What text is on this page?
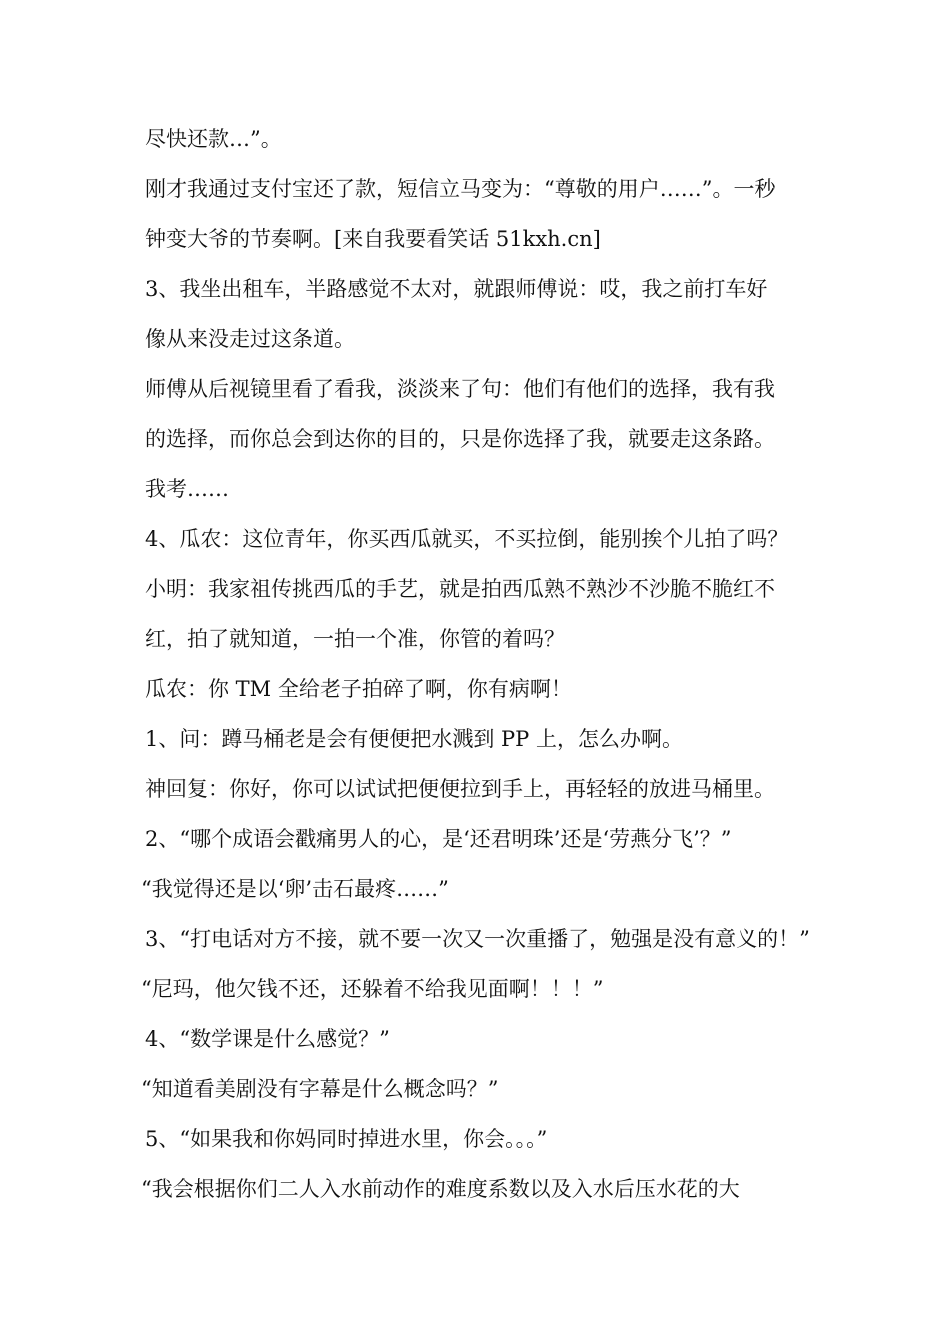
尽快还款…”。
刚才我通过支付宝还了款，短信立马变为：“尊敬的用户……”。一秒
钟变大爷的节奏啊。[来自我要看笑话 51kxh.cn]
3、我坐出租车，半路感觉不太对，就跟师傅说：哎，我之前打车好
像从来没走过这条道。
师傅从后视镜里看了看我，淡淡来了句：他们有他们的选择，我有我
的选择，而你总会到达你的目的，只是你选择了我，就要走这条路。
我考……
4、瓜农：这位青年，你买西瓜就买，不买拉倒，能别挨个儿拍了吗？
小明：我家祖传挑西瓜的手艺，就是拍西瓜熟不熟沙不沙脆不脆红不
红，拍了就知道，一拍一个准，你管的着吗？
瓜农：你 TM 全给老子拍碎了啊，你有病啊！
1、问：蹲马桶老是会有便便把水溅到 PP 上，怎么办啊。
神回复：你好，你可以试试把便便拉到手上，再轻轻的放进马桶里。
2、“哪个成语会戳痛男人的心，是‘还君明珠’还是‘劳燕分飞’？”
“我觉得还是以‘卵’击石最疼……”
3、“打电话对方不接，就不要一次又一次重播了，勉强是没有意义的！”
“尼玛，他欠钱不还，还躲着不给我见面啊！！！”
4、“数学课是什么感觉？”
“知道看美剧没有字幕是什么概念吗？”
5、“如果我和你妈同时掉进水里，你会。。。”
“我会根据你们二人入水前动作的难度系数以及入水后压水花的大
